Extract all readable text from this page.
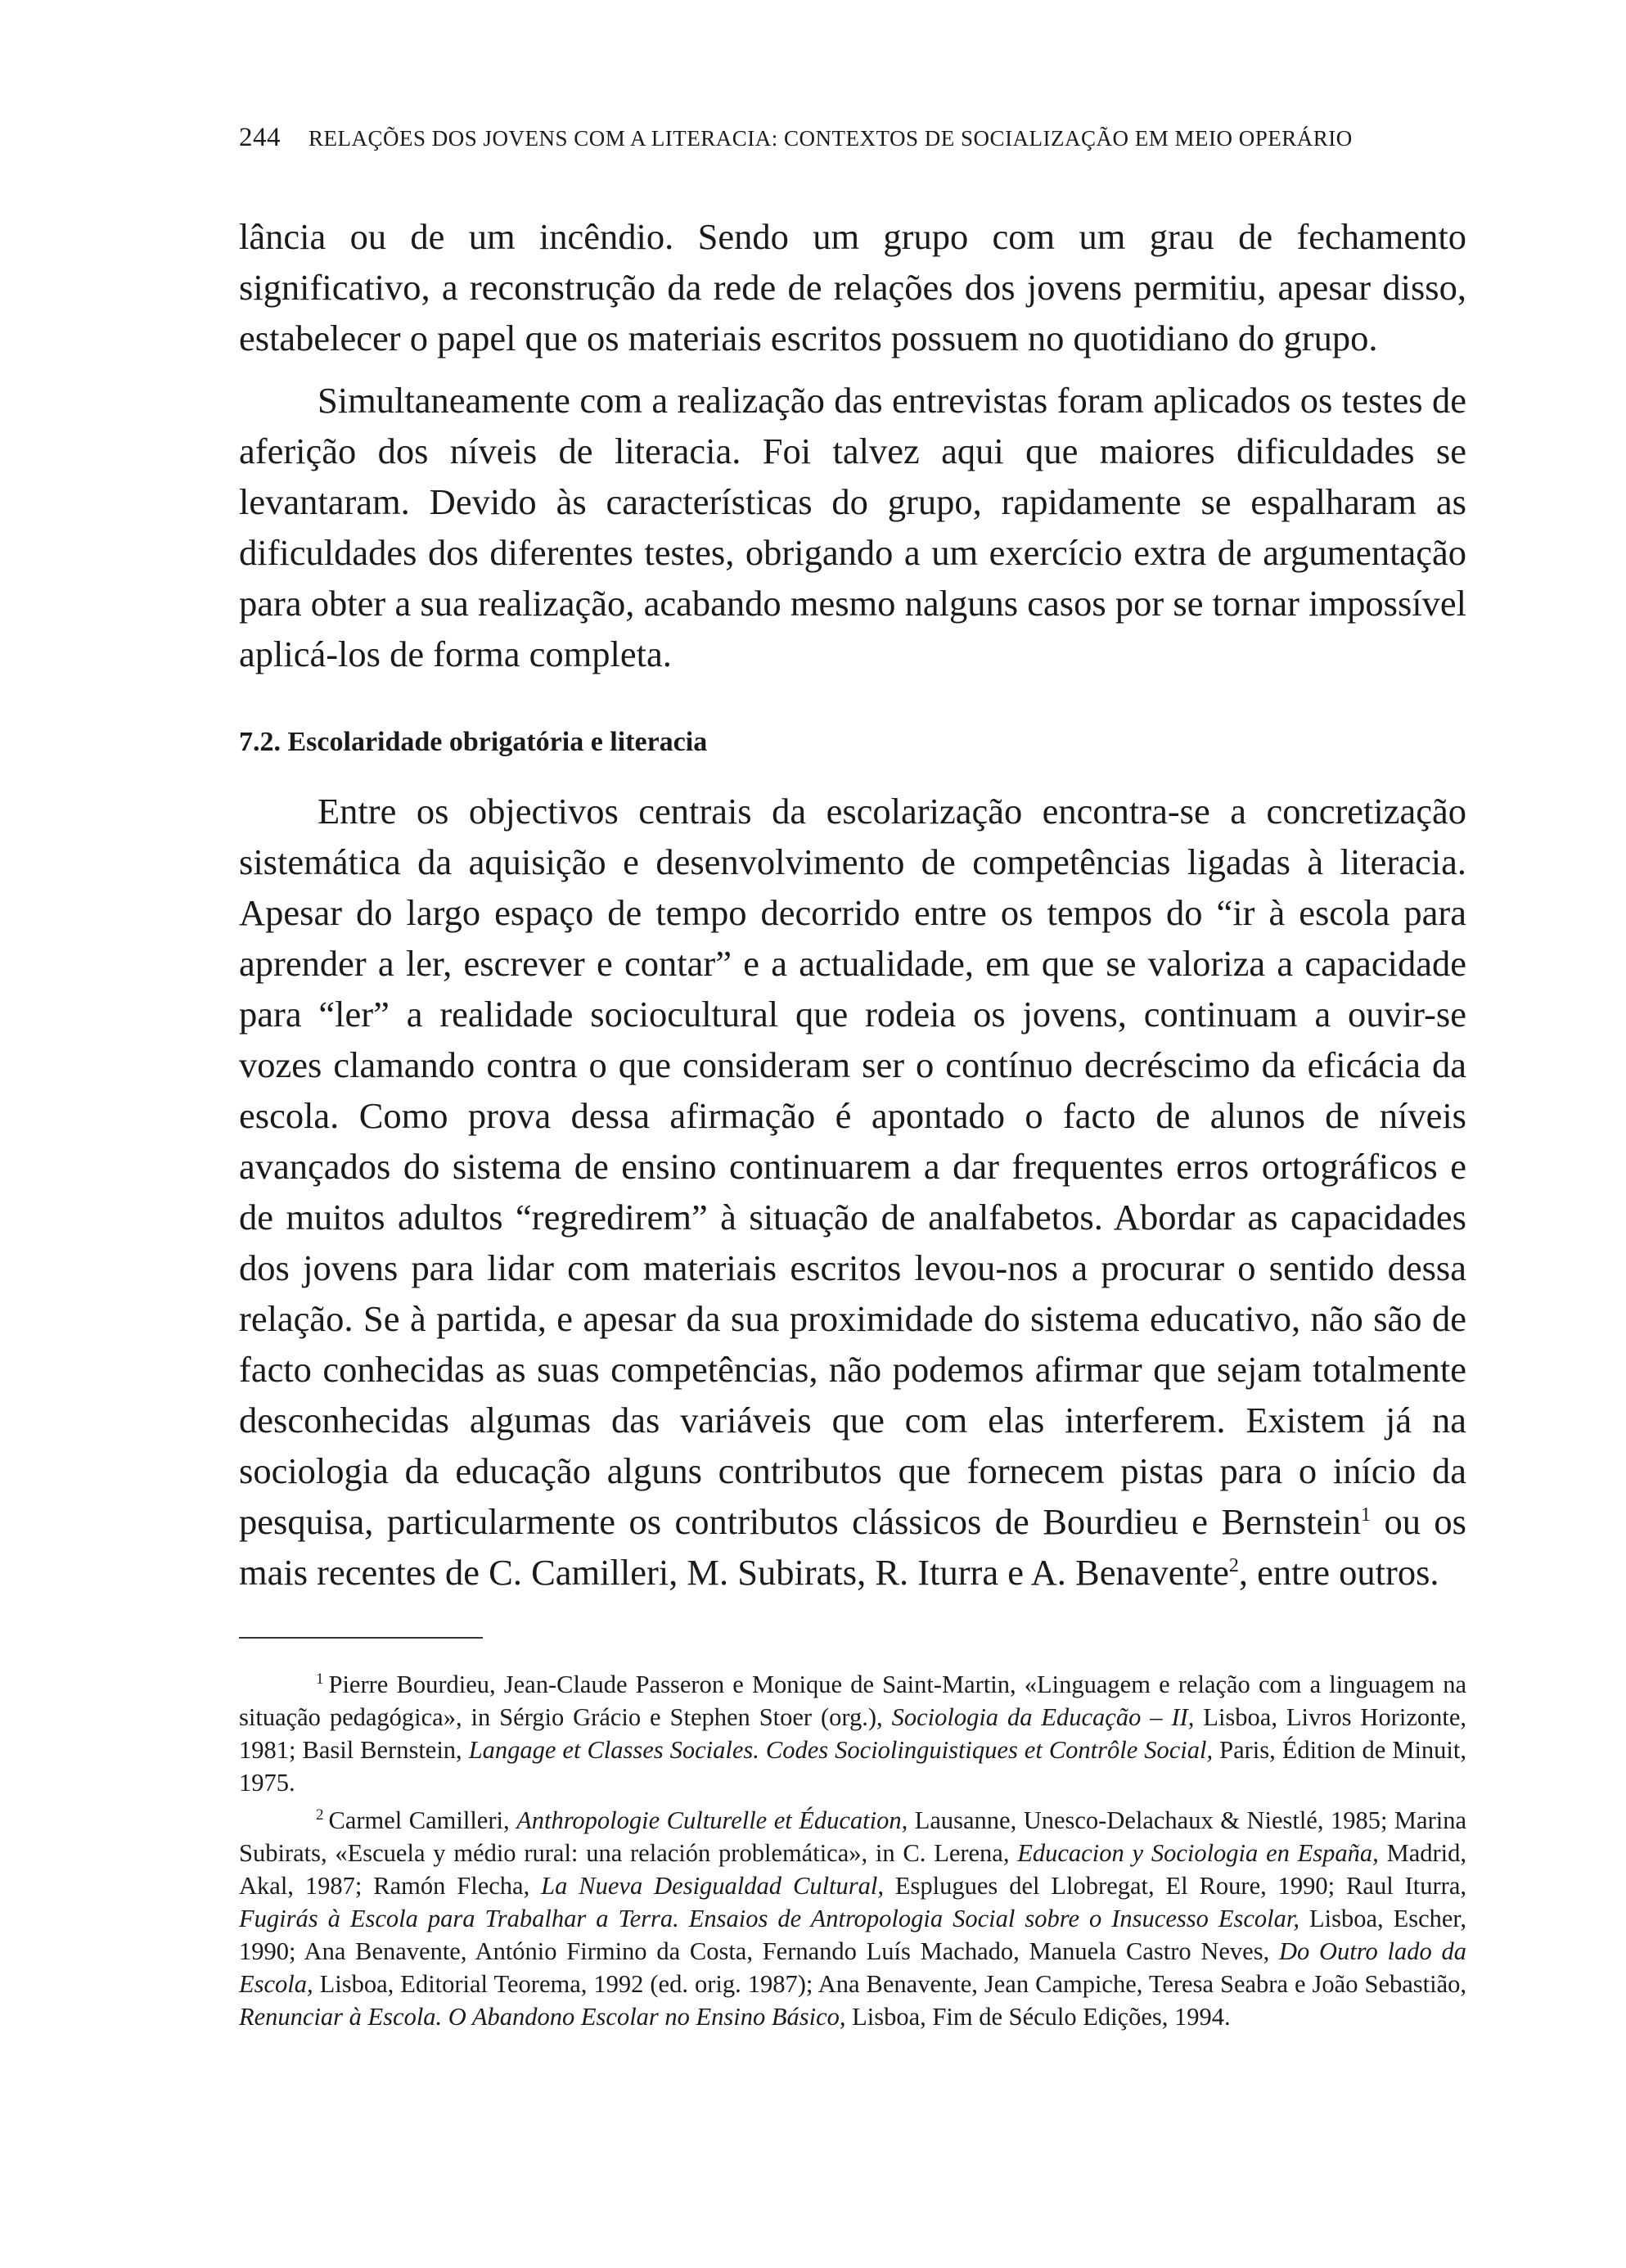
244 RELAÇÕES DOS JOVENS COM A LITERACIA: CONTEXTOS DE SOCIALIZAÇÃO EM MEIO OPERÁRIO

lância ou de um incêndio. Sendo um grupo com um grau de fechamento significativo, a reconstrução da rede de relações dos jovens permitiu, apesar disso, estabelecer o papel que os materiais escritos possuem no quotidiano do grupo.

Simultaneamente com a realização das entrevistas foram aplicados os testes de aferição dos níveis de literacia. Foi talvez aqui que maiores dificuldades se levantaram. Devido às características do grupo, rapidamente se espalharam as dificuldades dos diferentes testes, obrigando a um exercício extra de argumentação para obter a sua realização, acabando mesmo nalguns casos por se tornar impossível aplicá-los de forma completa.

7.2. Escolaridade obrigatória e literacia

Entre os objectivos centrais da escolarização encontra-se a concretização sistemática da aquisição e desenvolvimento de competências ligadas à literacia. Apesar do largo espaço de tempo decorrido entre os tempos do “ir à escola para aprender a ler, escrever e contar” e a actualidade, em que se valoriza a capacidade para “ler” a realidade sociocultural que rodeia os jovens, continuam a ouvir-se vozes clamando contra o que consideram ser o contínuo decréscimo da eficácia da escola. Como prova dessa afirmação é apontado o facto de alunos de níveis avançados do sistema de ensino continuarem a dar frequentes erros ortográficos e de muitos adultos “regredirem” à situação de analfabetos. Abordar as capacidades dos jovens para lidar com materiais escritos levou-nos a procurar o sentido dessa relação. Se à partida, e apesar da sua proximidade do sistema educativo, não são de facto conhecidas as suas competências, não podemos afirmar que sejam totalmente desconhecidas algumas das variáveis que com elas interferem. Existem já na sociologia da educação alguns contributos que fornecem pistas para o início da pesquisa, particularmente os contributos clássicos de Bourdieu e Bernstein$^1$ ou os mais recentes de C. Camilleri, M. Subirats, R. Iturra e A. Benavente$^2$, entre outros.

$^1$ Pierre Bourdieu, Jean-Claude Passeron e Monique de Saint-Martin, «Linguagem e relação com a linguagem na situação pedagógica», in Sérgio Grácio e Stephen Stoer (org.), Sociologia da Educação – II, Lisboa, Livros Horizonte, 1981; Basil Bernstein, Langage et Classes Sociales. Codes Sociolinguistiques et Contrôle Social, Paris, Édition de Minuit, 1975.

$^2$ Carmel Camilleri, Anthropologie Culturelle et Éducation, Lausanne, Unesco-Delachaux & Niestlé, 1985; Marina Subirats, «Escuela y médio rural: una relación problemática», in C. Lerena, Educacion y Sociologia en España, Madrid, Akal, 1987; Ramón Flecha, La Nueva Desigualdad Cultural, Esplugues del Llobregat, El Roure, 1990; Raul Iturra, Fugirás à Escola para Trabalhar a Terra. Ensaios de Antropologia Social sobre o Insucesso Escolar, Lisboa, Escher, 1990; Ana Benavente, António Firmino da Costa, Fernando Luís Machado, Manuela Castro Neves, Do Outro lado da Escola, Lisboa, Editorial Teorema, 1992 (ed. orig. 1987); Ana Benavente, Jean Campiche, Teresa Seabra e João Sebastião, Renunciar à Escola. O Abandono Escolar no Ensino Básico, Lisboa, Fim de Século Edições, 1994.
